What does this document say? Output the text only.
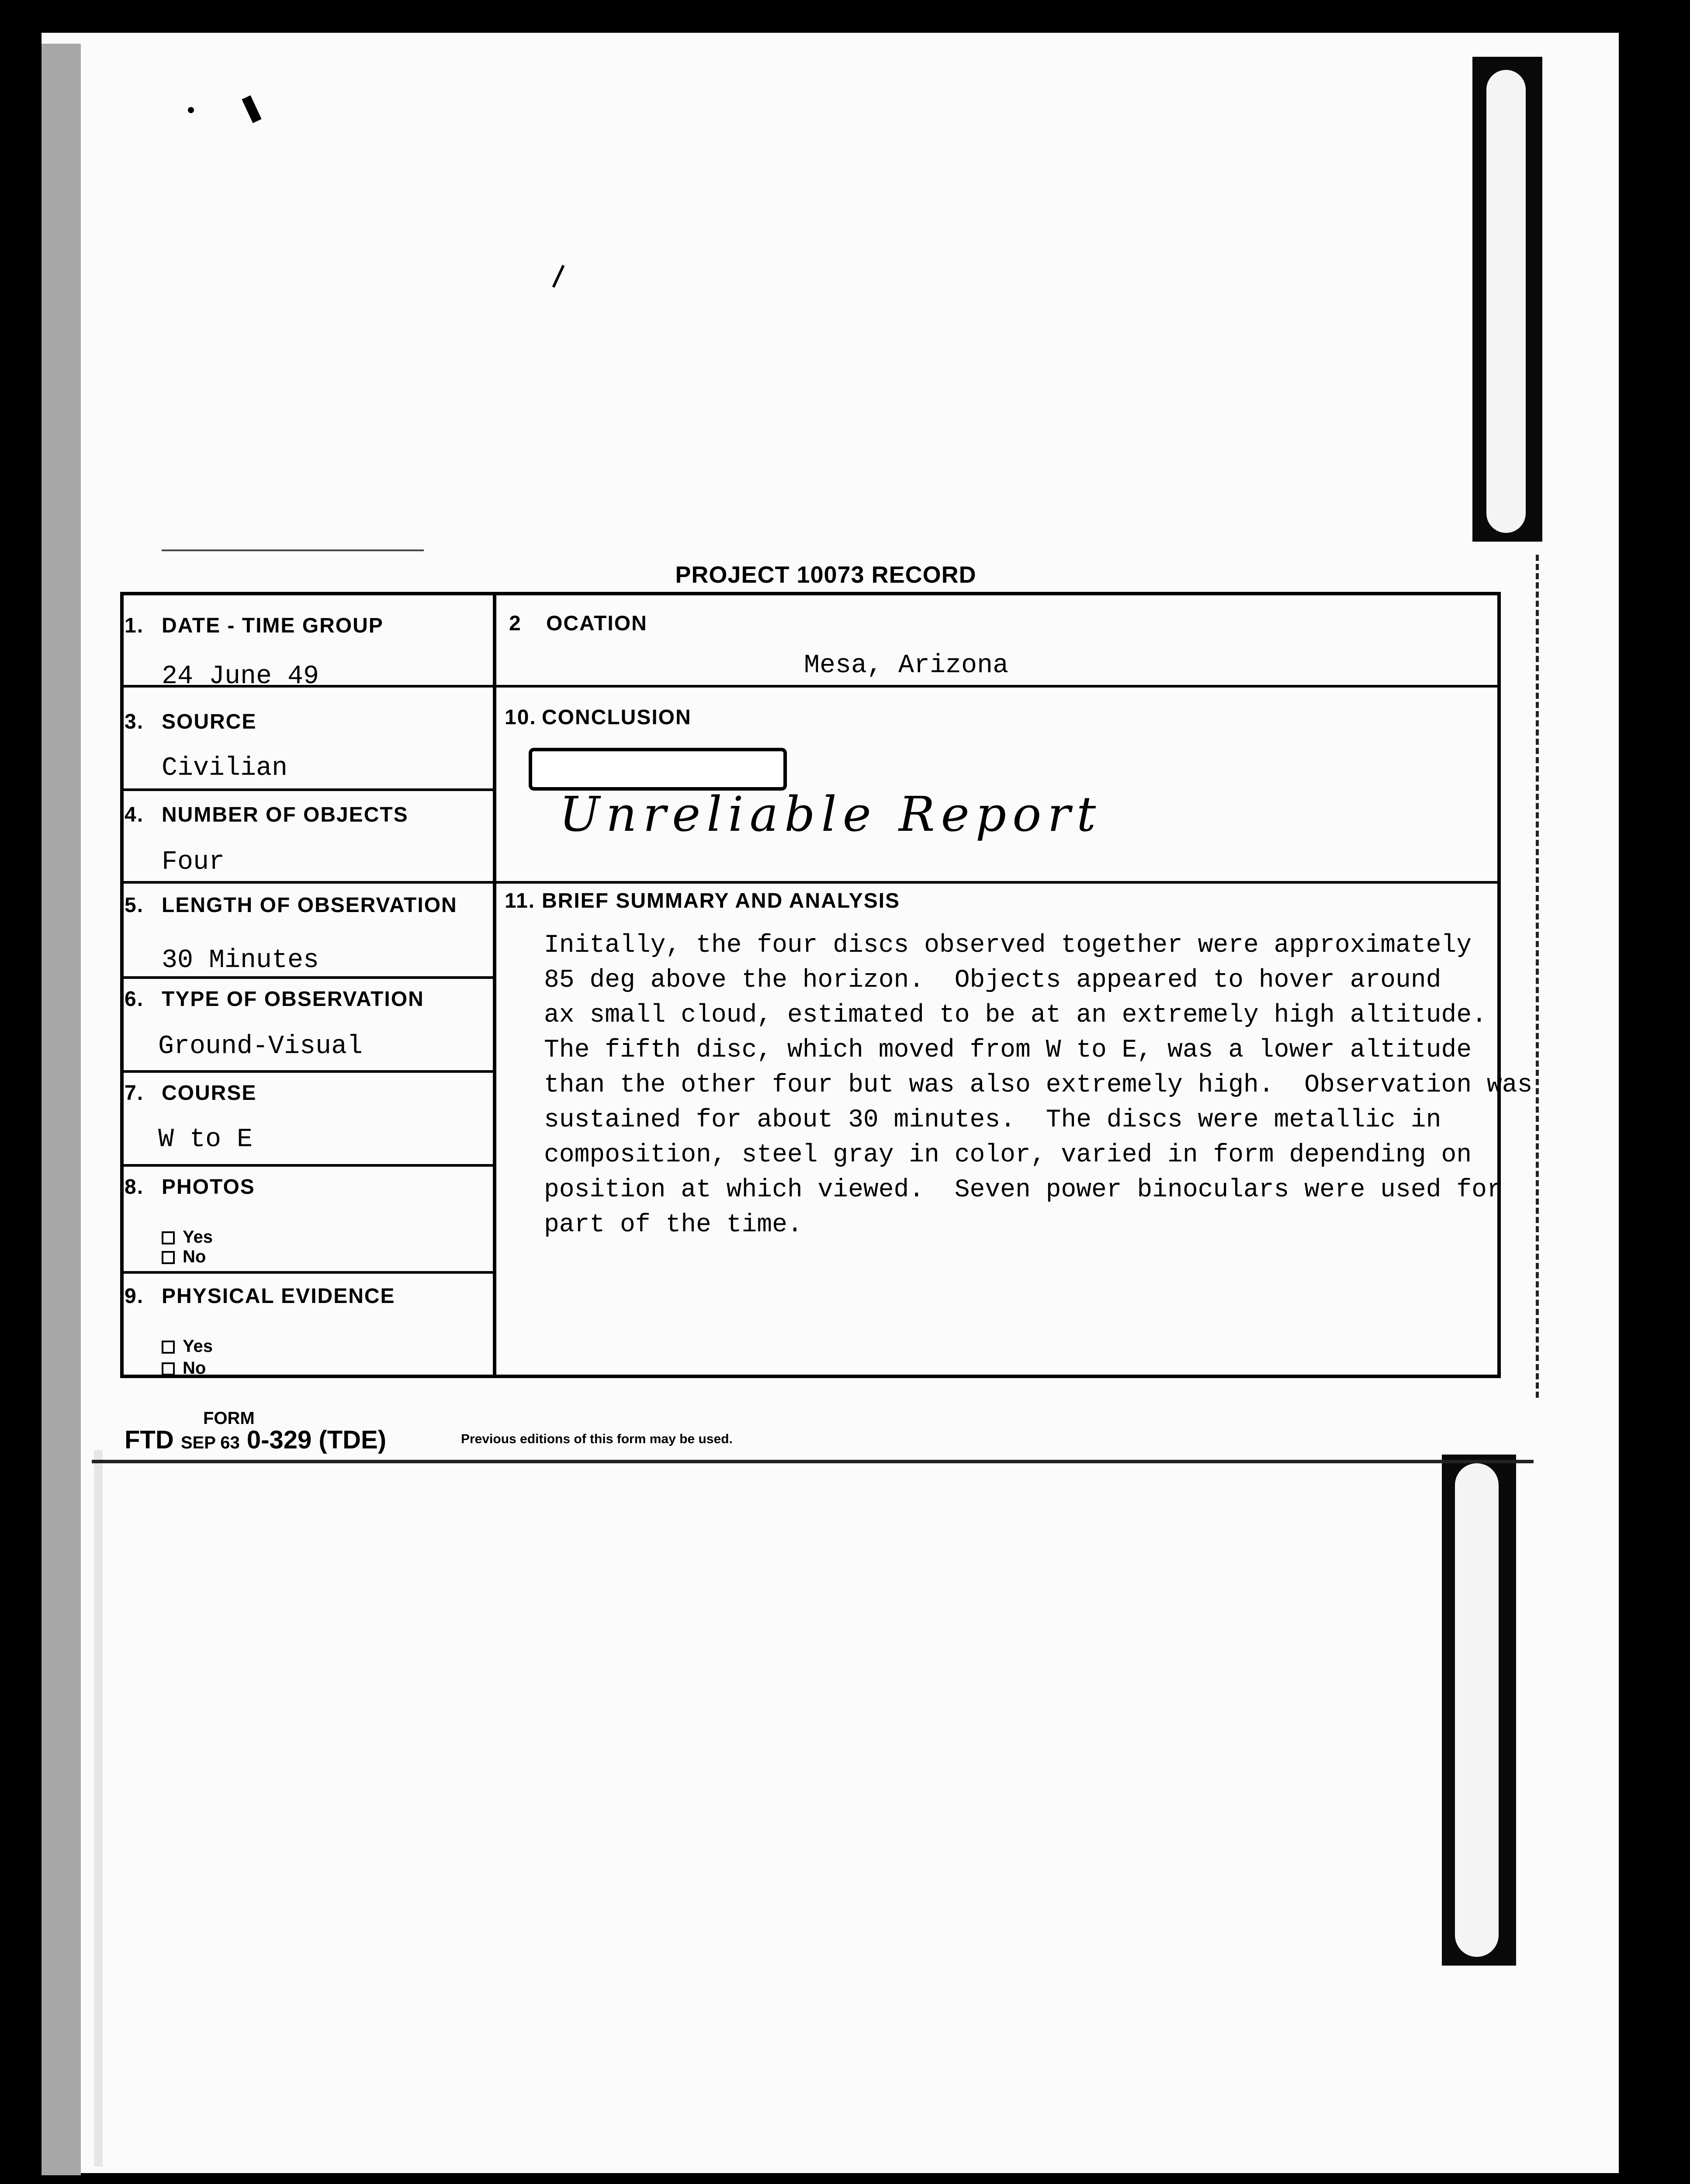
PROJECT 10073 RECORD
1. DATE - TIME GROUP
24 June 49
2 OCATION
Mesa, Arizona
3. SOURCE
Civilian
10. CONCLUSION
Unreliable Report
4. NUMBER OF OBJECTS
Four
5. LENGTH OF OBSERVATION
30 Minutes
11. BRIEF SUMMARY AND ANALYSIS
Initally, the four discs observed together were approximately
85 deg above the horizon.  Objects appeared to hover around
ax small cloud, estimated to be at an extremely high altitude.
The fifth disc, which moved from W to E, was a lower altitude
than the other four but was also extremely high.  Observation was
sustained for about 30 minutes.  The discs were metallic in
composition, steel gray in color, varied in form depending on
position at which viewed.  Seven power binoculars were used for
part of the time.
6. TYPE OF OBSERVATION
Ground-Visual
7. COURSE
W to E
8. PHOTOS
Yes
No
9. PHYSICAL EVIDENCE
Yes
No
FORM
FTD SEP 63 0-329 (TDE)	Previous editions of this form may be used.
